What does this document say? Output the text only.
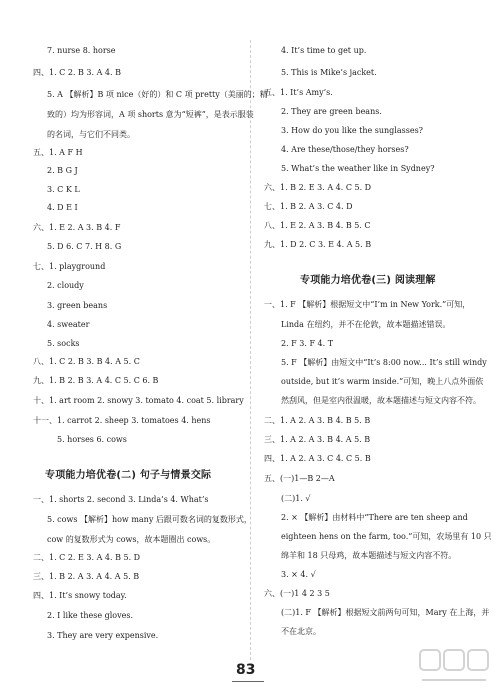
7. nurse 8. horse
四、1. C 2. B 3. A 4. B
5. A 【解析】B 项 nice（好的）和 C 项 pretty（美丽的；精
致的）均为形容词，A 项 shorts 意为“短裤”，是表示服装
的名词，与它们不同类。
五、1. A F H
2. B G J
3. C K L
4. D E I
六、1. E 2. A 3. B 4. F
5. D 6. C 7. H 8. G
七、1. playground
2. cloudy
3. green beans
4. sweater
5. socks
八、1. C 2. B 3. B 4. A 5. C
九、1. B 2. B 3. A 4. C 5. C 6. B
十、1. art room 2. snowy 3. tomato 4. coat 5. library
十一、1. carrot 2. sheep 3. tomatoes 4. hens
5. horses 6. cows
专项能力培优卷(二) 句子与情景交际
一、1. shorts 2. second 3. Linda’s 4. What’s
5. cows 【解析】how many 后跟可数名词的复数形式，
cow 的复数形式为 cows，故本题圈出 cows。
二、1. C 2. E 3. A 4. B 5. D
三、1. B 2. A 3. A 4. A 5. B
四、1. It’s snowy today.
2. I like these gloves.
3. They are very expensive.
4. It’s time to get up.
5. This is Mike’s jacket.
五、1. It’s Amy’s.
2. They are green beans.
3. How do you like the sunglasses?
4. Are these/those/they horses?
5. What’s the weather like in Sydney?
六、1. B 2. E 3. A 4. C 5. D
七、1. B 2. A 3. C 4. D
八、1. E 2. A 3. B 4. B 5. C
九、1. D 2. C 3. E 4. A 5. B
专项能力培优卷(三) 阅读理解
一、1. F 【解析】根据短文中“I’m in New York.”可知，
Linda 在纽约，并不在伦敦，故本题描述错误。
2. F 3. F 4. T
5. F 【解析】由短文中“It’s 8:00 now... It’s still windy
outside, but it’s warm inside.”可知，晚上八点外面依
然刮风，但是室内很温暖，故本题描述与短文内容不符。
二、1. A 2. A 3. B 4. B 5. B
三、1. A 2. A 3. B 4. A 5. B
四、1. A 2. A 3. C 4. C 5. B
五、(一)1—B 2—A
(二)1. √
2. × 【解析】由材料中“There are ten sheep and
eighteen hens on the farm, too.”可知，农场里有 10 只
绵羊和 18 只母鸡，故本题描述与短文内容不符。
3. × 4. √
六、(一)1 4 2 3 5
(二)1. F 【解析】根据短文前两句可知，Mary 在上海，并
不在北京。
83
